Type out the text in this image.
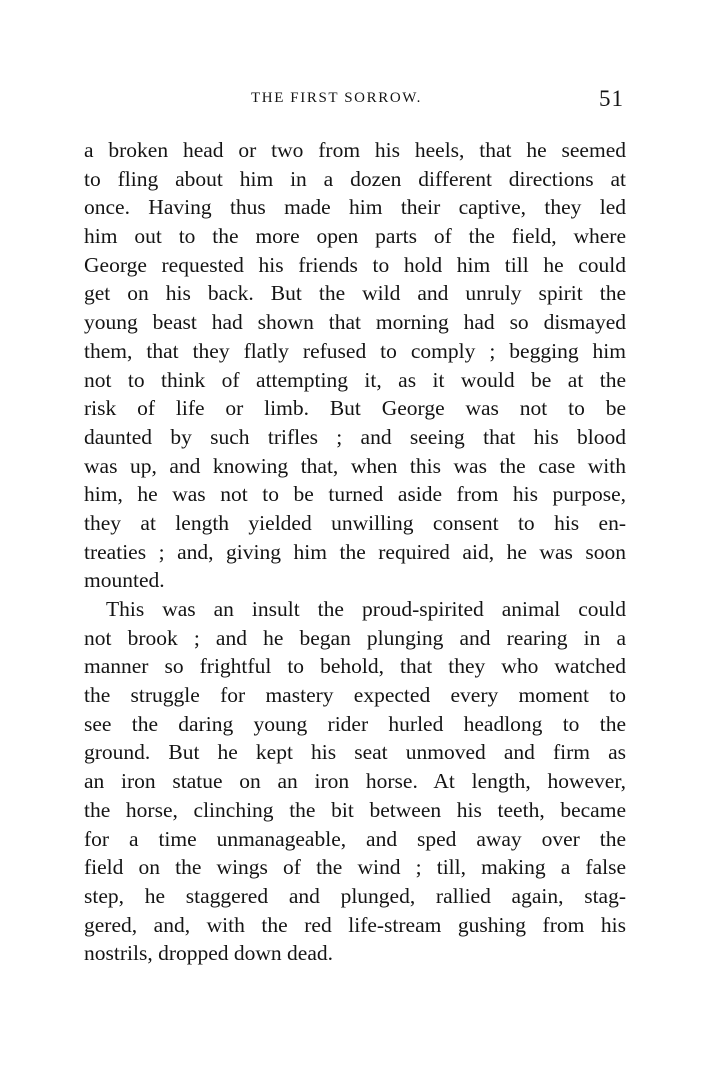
THE FIRST SORROW.	51
a broken head or two from his heels, that he seemed
to fling about him in a dozen different directions at
once. Having thus made him their captive, they led
him out to the more open parts of the field, where
George requested his friends to hold him till he could
get on his back. But the wild and unruly spirit the
young beast had shown that morning had so dismayed
them, that they flatly refused to comply ; begging him
not to think of attempting it, as it would be at the
risk of life or limb. But George was not to be
daunted by such trifles ; and seeing that his blood
was up, and knowing that, when this was the case with
him, he was not to be turned aside from his purpose,
they at length yielded unwilling consent to his en-
treaties ; and, giving him the required aid, he was soon
mounted.
This was an insult the proud-spirited animal could
not brook ; and he began plunging and rearing in a
manner so frightful to behold, that they who watched
the struggle for mastery expected every moment to
see the daring young rider hurled headlong to the
ground. But he kept his seat unmoved and firm as
an iron statue on an iron horse. At length, however,
the horse, clinching the bit between his teeth, became
for a time unmanageable, and sped away over the
field on the wings of the wind ; till, making a false
step, he staggered and plunged, rallied again, stag-
gered, and, with the red life-stream gushing from his
nostrils, dropped down dead.
